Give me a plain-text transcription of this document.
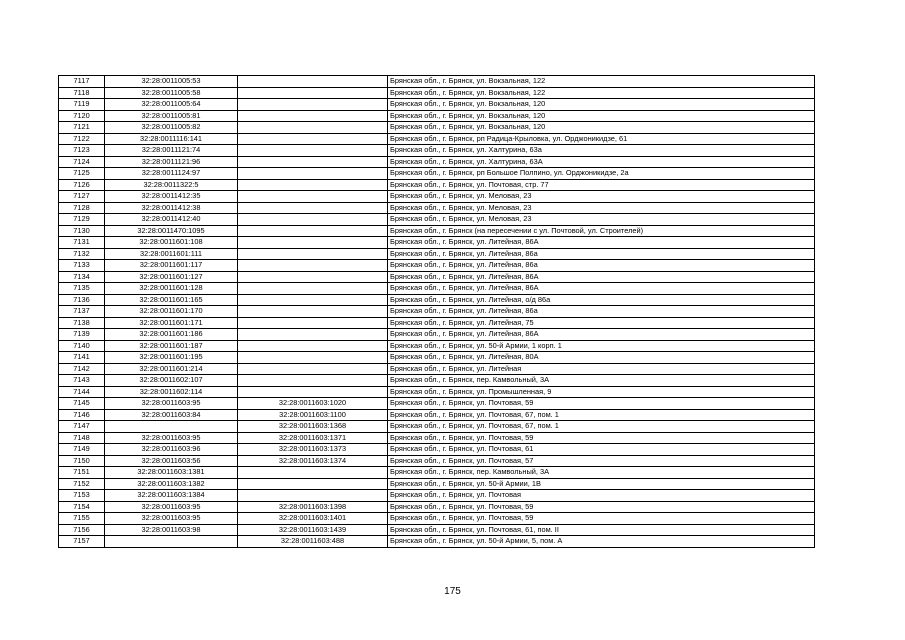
7117	32:28:0011005:53		Брянская обл., г. Брянск, ул. Вокзальная, 122
7118	32:28:0011005:58		Брянская обл., г. Брянск, ул. Вокзальная, 122
7119	32:28:0011005:64		Брянская обл., г. Брянск, ул. Вокзальная, 120
7120	32:28:0011005:81		Брянская обл., г. Брянск, ул. Вокзальная, 120
7121	32:28:0011005:82		Брянская обл., г. Брянск, ул. Вокзальная, 120
7122	32:28:0011116:141		Брянская обл., г. Брянск, рп Радица-Крыловка, ул. Орджоникидзе, 61
7123	32:28:0011121:74		Брянская обл., г. Брянск, ул. Халтурина, 63а
7124	32:28:0011121:96		Брянская обл., г. Брянск, ул. Халтурина, 63А
7125	32:28:0011124:97		Брянская обл., г. Брянск, рп Большое Полпино, ул. Орджоникидзе, 2а
7126	32:28:0011322:5		Брянская обл., г. Брянск, ул. Почтовая, стр. 77
7127	32:28:0011412:35		Брянская обл., г. Брянск, ул. Меловая, 23
7128	32:28:0011412:38		Брянская обл., г. Брянск, ул. Меловая, 23
7129	32:28:0011412:40		Брянская обл., г. Брянск, ул. Меловая, 23
7130	32:28:0011470:1095		Брянская обл., г. Брянск (на пересечении с ул. Почтовой, ул. Строителей)
7131	32:28:0011601:108		Брянская обл., г. Брянск, ул. Литейная, 86А
7132	32:28:0011601:111		Брянская обл., г. Брянск, ул. Литейная, 86а
7133	32:28:0011601:117		Брянская обл., г. Брянск, ул. Литейная, 86а
7134	32:28:0011601:127		Брянская обл., г. Брянск, ул. Литейная, 86А
7135	32:28:0011601:128		Брянская обл., г. Брянск, ул. Литейная, 86А
7136	32:28:0011601:165		Брянская обл., г. Брянск, ул. Литейная, о/д 86а
7137	32:28:0011601:170		Брянская обл., г. Брянск, ул. Литейная, 86а
7138	32:28:0011601:171		Брянская обл., г. Брянск, ул. Литейная, 75
7139	32:28:0011601:186		Брянская обл., г. Брянск, ул. Литейная, 86А
7140	32:28:0011601:187		Брянская обл., г. Брянск, ул. 50-й Армии, 1 корп. 1
7141	32:28:0011601:195		Брянская обл., г. Брянск, ул. Литейная, 80А
7142	32:28:0011601:214		Брянская обл., г. Брянск, ул. Литейная
7143	32:28:0011602:107		Брянская обл., г. Брянск, пер. Камвольный, 3А
7144	32:28:0011602:114		Брянская обл., г. Брянск, ул. Промышленная, 9
7145	32:28:0011603:95	32:28:0011603:1020	Брянская обл., г. Брянск, ул. Почтовая, 59
7146	32:28:0011603:84	32:28:0011603:1100	Брянская обл., г. Брянск, ул. Почтовая, 67, пом. 1
7147		32:28:0011603:1368	Брянская обл., г. Брянск, ул. Почтовая, 67, пом. 1
7148	32:28:0011603:95	32:28:0011603:1371	Брянская обл., г. Брянск, ул. Почтовая, 59
7149	32:28:0011603:96	32:28:0011603:1373	Брянская обл., г. Брянск, ул. Почтовая, 61
7150	32:28:0011603:56	32:28:0011603:1374	Брянская обл., г. Брянск, ул. Почтовая, 57
7151	32:28:0011603:1381		Брянская обл., г. Брянск, пер. Камвольный, 3А
7152	32:28:0011603:1382		Брянская обл., г. Брянск, ул. 50-й Армии, 1В
7153	32:28:0011603:1384		Брянская обл., г. Брянск, ул. Почтовая
7154	32:28:0011603:95	32:28:0011603:1398	Брянская обл., г. Брянск, ул. Почтовая, 59
7155	32:28:0011603:95	32:28:0011603:1401	Брянская обл., г. Брянск, ул. Почтовая, 59
7156	32:28:0011603:98	32:28:0011603:1439	Брянская обл., г. Брянск, ул. Почтовая, 61, пом. II
7157		32:28:0011603:488	Брянская обл., г. Брянск, ул. 50-й Армии, 5, пом. А
175
